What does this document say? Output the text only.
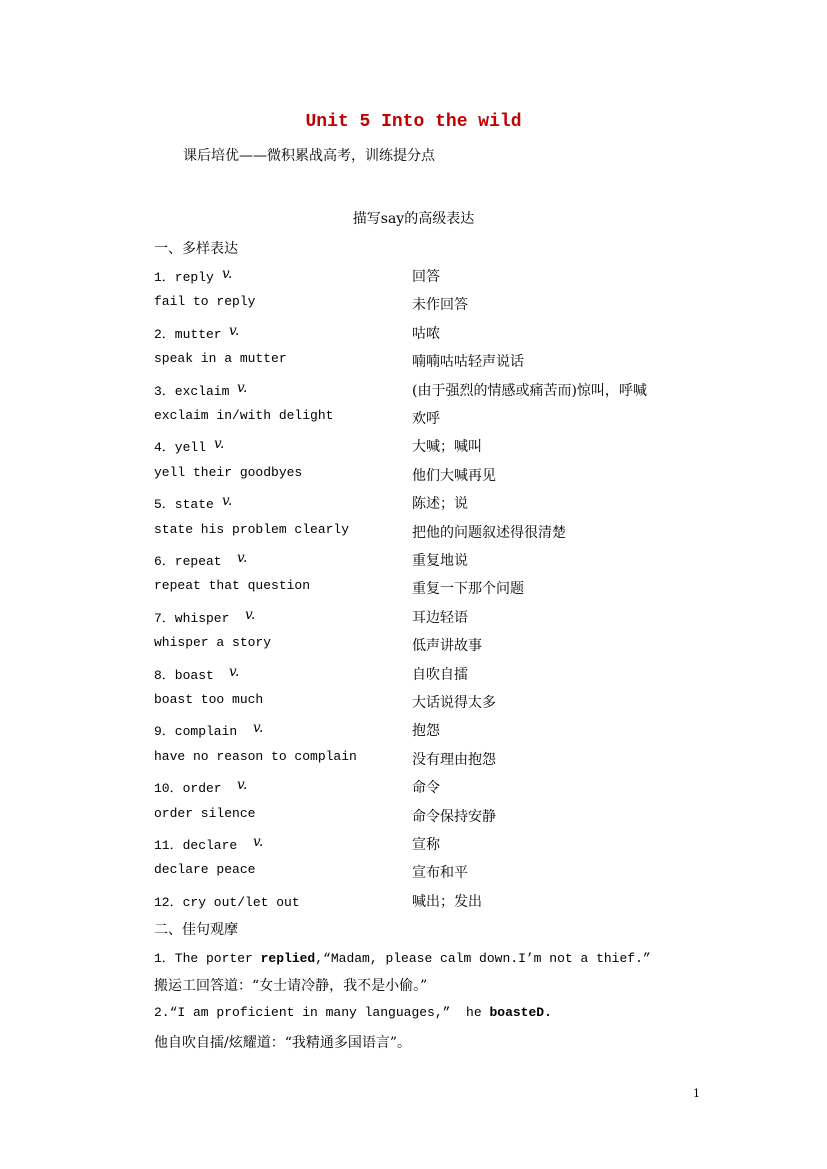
Unit 5 Into the wild
课后培优——微积累战高考，训练提分点
描写say的高级表达
一、多样表达
1．reply v.	回答
fail to reply	未作回答
2．mutter v.	咕哝
speak in a mutter	喃喃咕咕轻声说话
3．exclaim v.	(由于强烈的情感或痛苦而)惊叫，呼喊
exclaim in/with delight	欢呼
4．yell v.	大喊；喊叫
yell their goodbyes	他们大喊再见
5．state v.	陈述；说
state his problem clearly	把他的问题叙述得很清楚
6．repeat v.	重复地说
repeat that question	重复一下那个问题
7．whisper v.	耳边轻语
whisper a story	低声讲故事
8．boast v.	自吹自擂
boast too much	大话说得太多
9．complain v.	抱怨
have no reason to complain	没有理由抱怨
10．order v.	命令
order silence	命令保持安静
11．declare v.	宣称
declare peace	宣布和平
12．cry out/let out	喊出；发出
二、佳句观摩
1．The porter replied,“Madam, please calm down.I’m not a thief.”
搬运工回答道：“女士请冷静，我不是小偷。”
2.“I am proficient in many languages,”  he boasteD.
他自吹自擂/炫耀道：“我精通多国语言”。
1
